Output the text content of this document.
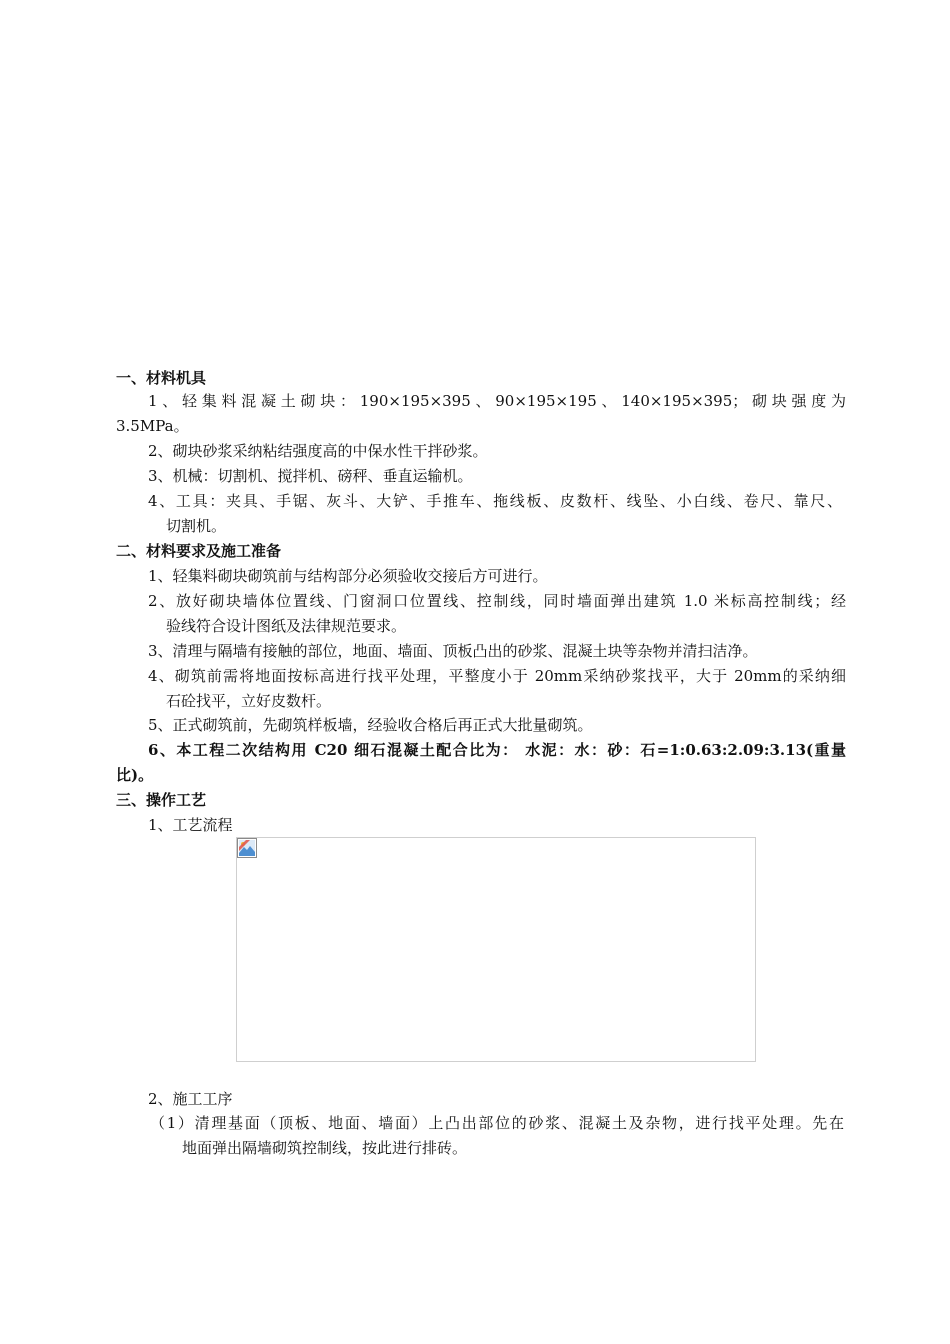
一、材料机具
1、轻集料混凝土砌块：190×195×395、90×195×195、140×195×395；砌块强度为
3.5MPa。
2、砌块砂浆采纳粘结强度高的中保水性干拌砂浆。
3、机械：切割机、搅拌机、磅秤、垂直运输机。
4、工具：夹具、手锯、灰斗、大铲、手推车、拖线板、皮数杆、线坠、小白线、卷尺、靠尺、
切割机。
二、材料要求及施工准备
1、轻集料砌块砌筑前与结构部分必须验收交接后方可进行。
2、放好砌块墙体位置线、门窗洞口位置线、控制线，同时墙面弹出建筑 1.0 米标高控制线；经
验线符合设计图纸及法律规范要求。
3、清理与隔墙有接触的部位，地面、墙面、顶板凸出的砂浆、混凝土块等杂物并清扫洁净。
4、砌筑前需将地面按标高进行找平处理，平整度小于 20mm采纳砂浆找平，大于 20mm的采纳细
石砼找平，立好皮数杆。
5、正式砌筑前，先砌筑样板墙，经验收合格后再正式大批量砌筑。
6、本工程二次结构用 C20 细石混凝土配合比为： 水泥：水：砂：石=1:0.63:2.09:3.13(重量
比)。
三、操作工艺
1、工艺流程
2、施工工序
（1）清理基面（顶板、地面、墙面）上凸出部位的砂浆、混凝土及杂物，进行找平处理。先在
地面弹出隔墙砌筑控制线，按此进行排砖。
